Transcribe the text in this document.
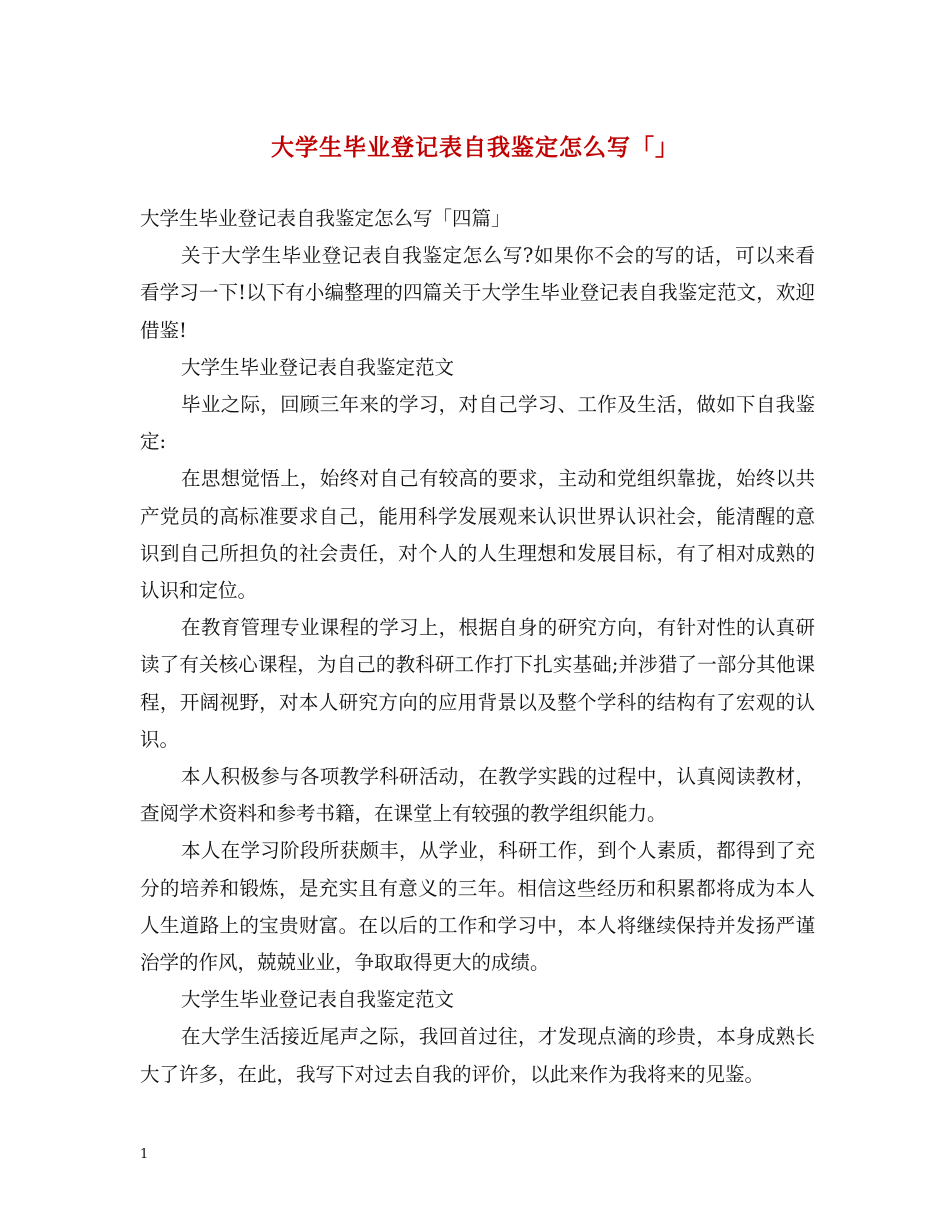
大学生毕业登记表自我鉴定怎么写「」

大学生毕业登记表自我鉴定怎么写「四篇」

关于大学生毕业登记表自我鉴定怎么写?如果你不会的写的话，可以来看看学习一下!以下有小编整理的四篇关于大学生毕业登记表自我鉴定范文，欢迎借鉴!

大学生毕业登记表自我鉴定范文

毕业之际，回顾三年来的学习，对自己学习、工作及生活，做如下自我鉴定:

在思想觉悟上，始终对自己有较高的要求，主动和党组织靠拢，始终以共产党员的高标准要求自己，能用科学发展观来认识世界认识社会，能清醒的意识到自己所担负的社会责任，对个人的人生理想和发展目标，有了相对成熟的认识和定位。

在教育管理专业课程的学习上，根据自身的研究方向，有针对性的认真研读了有关核心课程，为自己的教科研工作打下扎实基础;并涉猎了一部分其他课程，开阔视野，对本人研究方向的应用背景以及整个学科的结构有了宏观的认识。

本人积极参与各项教学科研活动，在教学实践的过程中，认真阅读教材，查阅学术资料和参考书籍，在课堂上有较强的教学组织能力。

本人在学习阶段所获颇丰，从学业，科研工作，到个人素质，都得到了充分的培养和锻炼，是充实且有意义的三年。相信这些经历和积累都将成为本人人生道路上的宝贵财富。在以后的工作和学习中，本人将继续保持并发扬严谨治学的作风，兢兢业业，争取取得更大的成绩。

大学生毕业登记表自我鉴定范文

在大学生活接近尾声之际，我回首过往，才发现点滴的珍贵，本身成熟长大了许多，在此，我写下对过去自我的评价，以此来作为我将来的见鉴。

1
